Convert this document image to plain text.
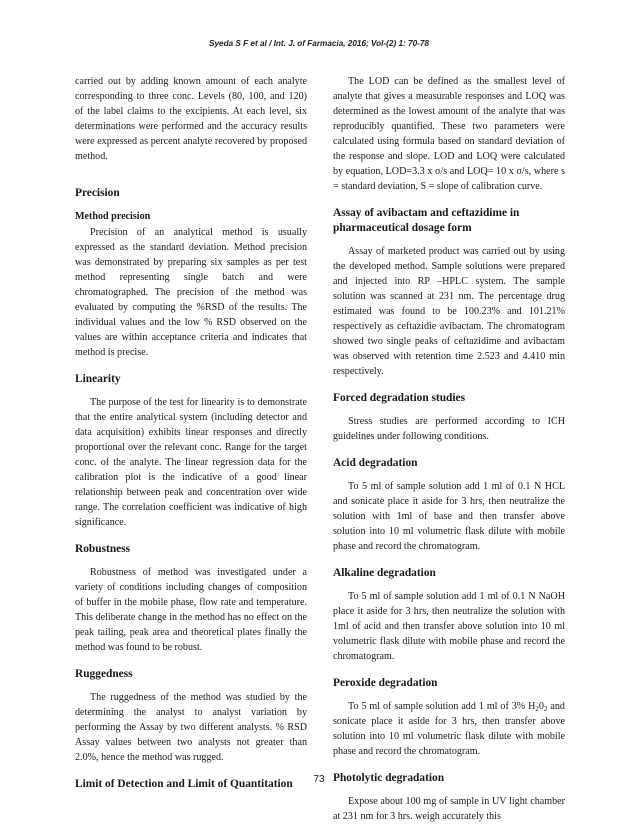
Syeda S F et al / Int. J. of Farmacia, 2016; Vol-(2) 1: 70-78

carried out by adding known amount of each analyte corresponding to three conc. Levels (80, 100, and 120) of the label claims to the excipients. At each level, six determinations were performed and the accuracy results were expressed as percent analyte recovered by proposed method.

Precision
Method precision

Precision of an analytical method is usually expressed as the standard deviation. Method precision was demonstrated by preparing six samples as per test method representing single batch and were chromatographed. The precision of the method was evaluated by computing the %RSD of the results. The individual values and the low % RSD observed on the values are within acceptance criteria and indicates that method is precise.

Linearity

The purpose of the test for linearity is to demonstrate that the entire analytical system (including detector and data acquisition) exhibits linear responses and directly proportional over the relevant conc. Range for the target conc. of the analyte. The linear regression data for the calibration plot is the indicative of a good linear relationship between peak and concentration over wide range. The correlation coefficient was indicative of high significance.

Robustness

Robustness of method was investigated under a variety of conditions including changes of composition of buffer in the mobile phase, flow rate and temperature. This deliberate change in the method has no effect on the peak tailing, peak area and theoretical plates finally the method was found to be robust.

Ruggedness

The ruggedness of the method was studied by the determining the analyst to analyst variation by performing the Assay by two different analysts. % RSD Assay values between two analysts not greater than 2.0%, hence the method was rugged.

Limit of Detection and Limit of Quantitation

The LOD can be defined as the smallest level of analyte that gives a measurable responses and LOQ was determined as the lowest amount of the analyte that was reproducibly quantified. These two parameters were calculated using formula based on standard deviation of the response and slope. LOD and LOQ were calculated by equation, LOD=3.3 x σ/s and LOQ= 10 x σ/s, where s = standard deviation, S = slope of calibration curve.

Assay of avibactam and ceftazidime in pharmaceutical dosage form

Assay of marketed product was carried out by using the developed method. Sample solutions were prepared and injected into RP –HPLC system. The sample solution was scanned at 231 nm. The percentage drug estimated was found to be 100.23% and 101.21% respectively as ceftazidie avibactam. The chromatogram showed two single peaks of ceftazidime and avibactam was observed with retention time 2.523 and 4.410 min respectively.

Forced degradation studies

Stress studies are performed according to ICH guidelines under following conditions.

Acid degradation

To 5 ml of sample solution add 1 ml of 0.1 N HCL and sonicate place it aside for 3 hrs, then neutralize the solution with 1ml of base and then transfer above solution into 10 ml volumetric flask dilute with mobile phase and record the chromatogram.

Alkaline degradation

To 5 ml of sample solution add 1 ml of 0.1 N NaOH place it aside for 3 hrs, then neutralize the solution with 1ml of acid and then transfer above solution into 10 ml volumetric flask dilute with mobile phase and record the chromatogram.

Peroxide degradation

To 5 ml of sample solution add 1 ml of 3% $H_20_2$ and sonicate place it aside for 3 hrs, then transfer above solution into 10 ml volumetric flask dilute with mobile phase and record the chromatogram.

Photolytic degradation

Expose about 100 mg of sample in UV light chamber at 231 nm for 3 hrs. weigh accurately this

73
